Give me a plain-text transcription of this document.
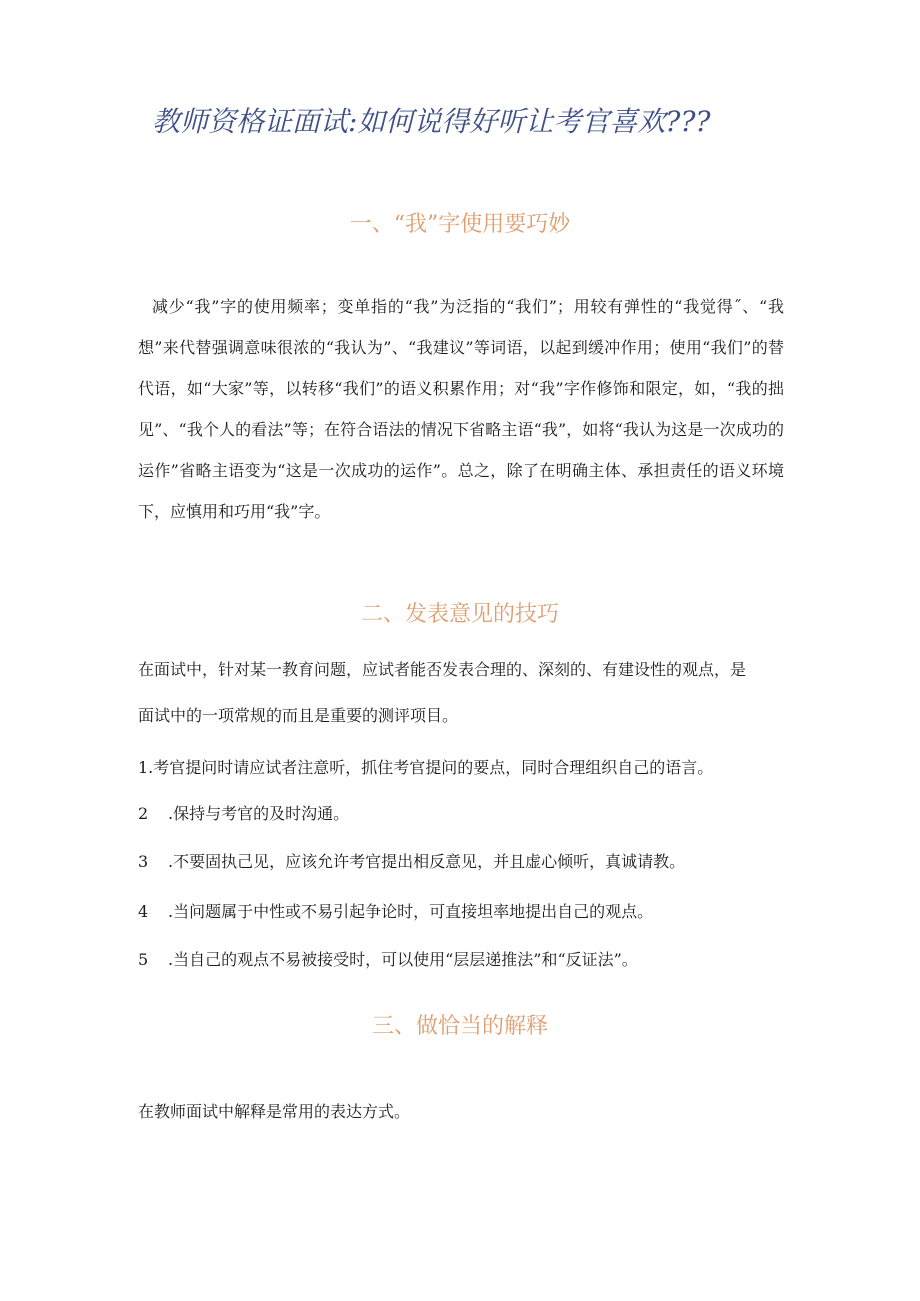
教师资格证面试:如何说得好听让考官喜欢???
一、“我”字使用要巧妙
减少“我”字的使用频率；变单指的“我”为泛指的“我们”；用较有弹性的“我觉得˝、“我想”来代替强调意味很浓的“我认为”、“我建议”等词语，以起到缓冲作用；使用“我们”的替代语，如“大家”等，以转移“我们”的语义积累作用；对“我”字作修饰和限定，如，“我的拙见”、“我个人的看法”等；在符合语法的情况下省略主语“我”，如将“我认为这是一次成功的运作”省略主语变为“这是一次成功的运作”。总之，除了在明确主体、承担责任的语义环境下，应慎用和巧用“我”字。
二、发表意见的技巧
在面试中，针对某一教育问题，应试者能否发表合理的、深刻的、有建设性的观点，是
面试中的一项常规的而且是重要的测评项目。
1.考官提问时请应试者注意听，抓住考官提问的要点，同时合理组织自己的语言。
2 .保持与考官的及时沟通。
3 .不要固执己见，应该允许考官提出相反意见，并且虚心倾听，真诚请教。
4 .当问题属于中性或不易引起争论时，可直接坦率地提出自己的观点。
5 .当自己的观点不易被接受时，可以使用“层层递推法”和“反证法”。
三、做恰当的解释
在教师面试中解释是常用的表达方式。
